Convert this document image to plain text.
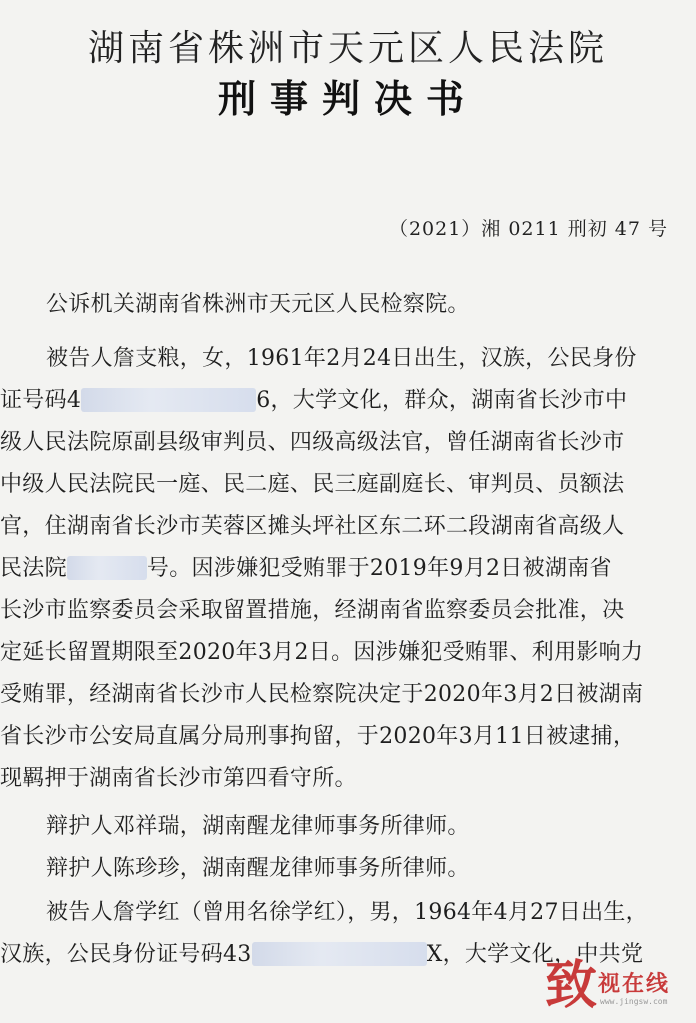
湖南省株洲市天元区人民法院
刑事判决书
（2021）湘 0211 刑初 47 号
公诉机关湖南省株洲市天元区人民检察院。
被告人詹支粮，女，1961年2月24日出生，汉族，公民身份
证号码4	6，大学文化，群众，湖南省长沙市中
级人民法院原副县级审判员、四级高级法官，曾任湖南省长沙市
中级人民法院民一庭、民二庭、民三庭副庭长、审判员、员额法
官，住湖南省长沙市芙蓉区摊头坪社区东二环二段湖南省高级人
民法院	号。因涉嫌犯受贿罪于2019年9月2日被湖南省
长沙市监察委员会采取留置措施，经湖南省监察委员会批准，决
定延长留置期限至2020年3月2日。因涉嫌犯受贿罪、利用影响力
受贿罪，经湖南省长沙市人民检察院决定于2020年3月2日被湖南
省长沙市公安局直属分局刑事拘留，于2020年3月11日被逮捕，
现羁押于湖南省长沙市第四看守所。
辩护人邓祥瑞，湖南醒龙律师事务所律师。
辩护人陈珍珍，湖南醒龙律师事务所律师。
被告人詹学红（曾用名徐学红），男，1964年4月27日出生，
汉族，公民身份证号码43	X，大学文化，中共党
致 视在线
www.jingsw.com
